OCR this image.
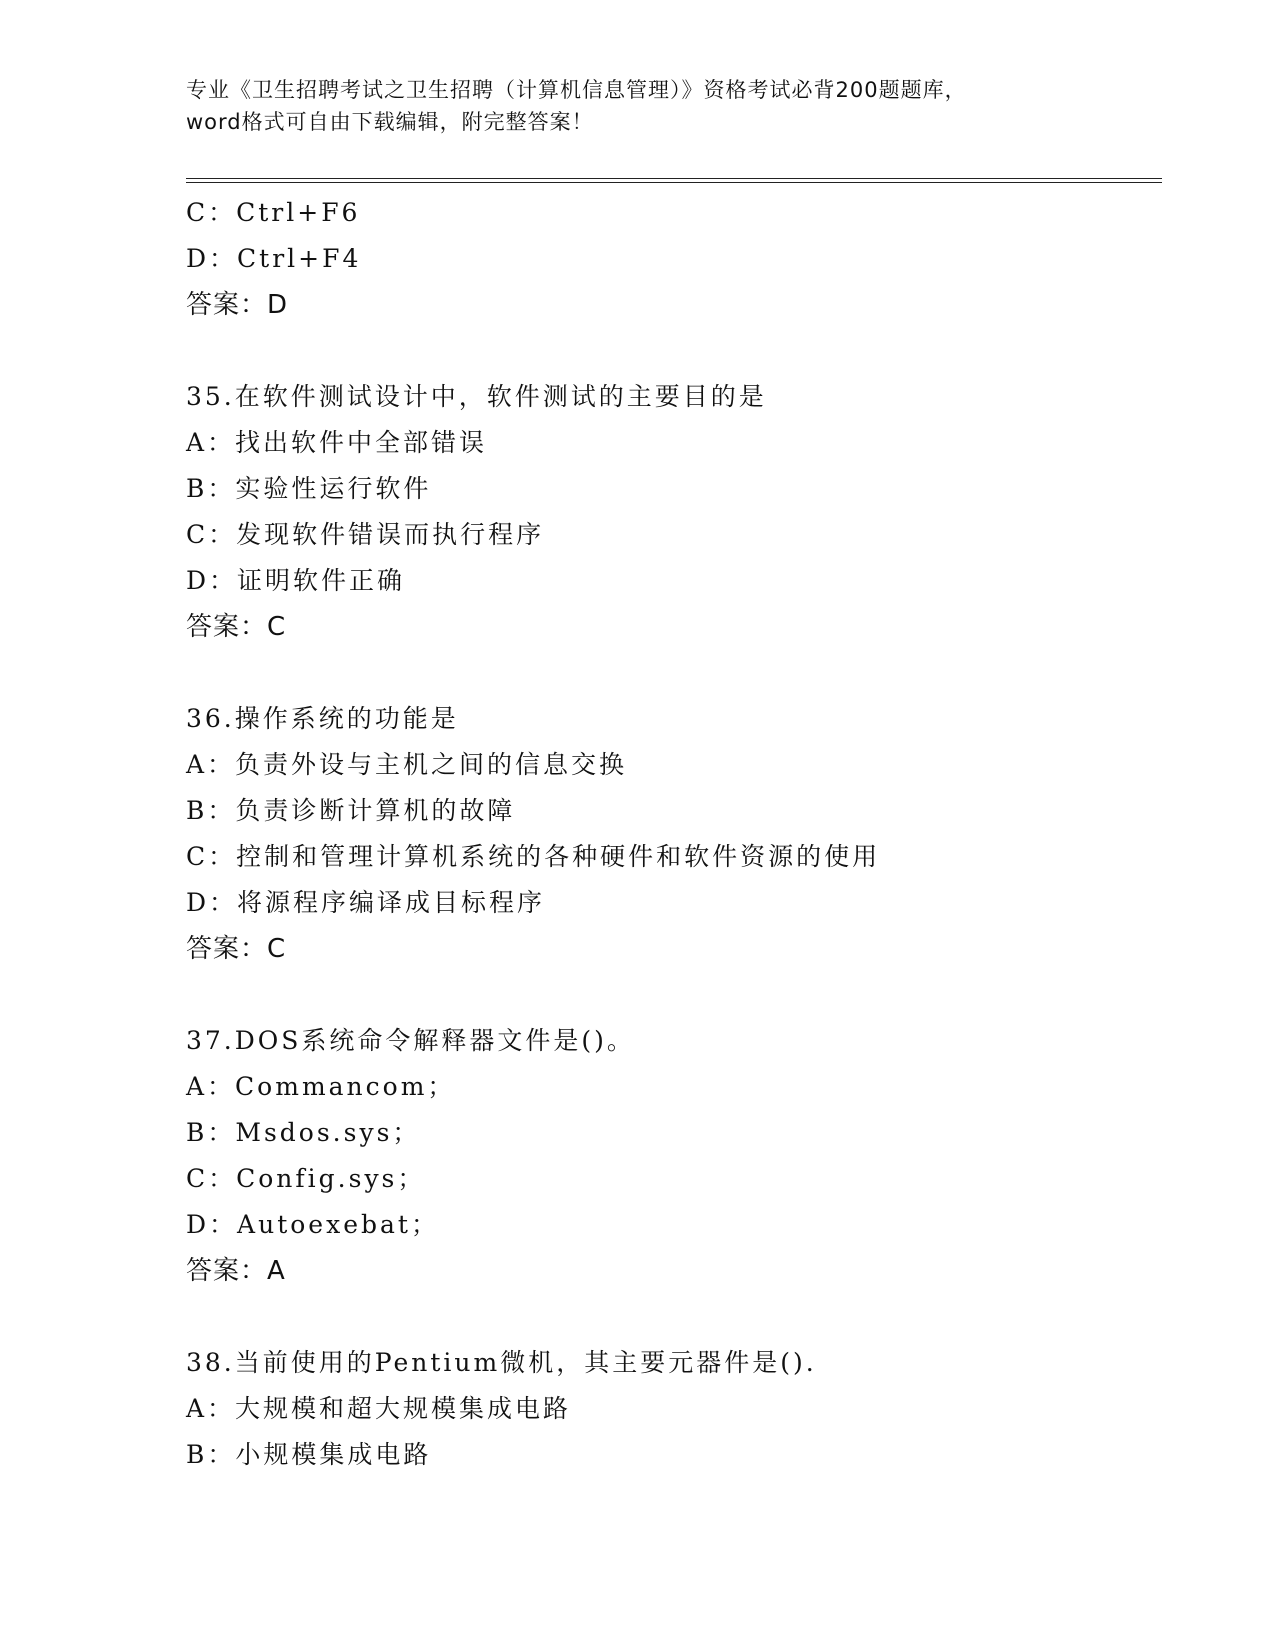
专业《卫生招聘考试之卫生招聘（计算机信息管理）》资格考试必背200题题库，
word格式可自由下载编辑，附完整答案！
C：Ctrl+F6
D：Ctrl+F4
答案：D
35.在软件测试设计中，软件测试的主要目的是
A：找出软件中全部错误
B：实验性运行软件
C：发现软件错误而执行程序
D：证明软件正确
答案：C
36.操作系统的功能是
A：负责外设与主机之间的信息交换
B：负责诊断计算机的故障
C：控制和管理计算机系统的各种硬件和软件资源的使用
D：将源程序编译成目标程序
答案：C
37.DOS系统命令解释器文件是()。
A：Commancom；
B：Msdos.sys；
C：Config.sys；
D：Autoexebat；
答案：A
38.当前使用的Pentium微机，其主要元器件是().
A：大规模和超大规模集成电路
B：小规模集成电路
